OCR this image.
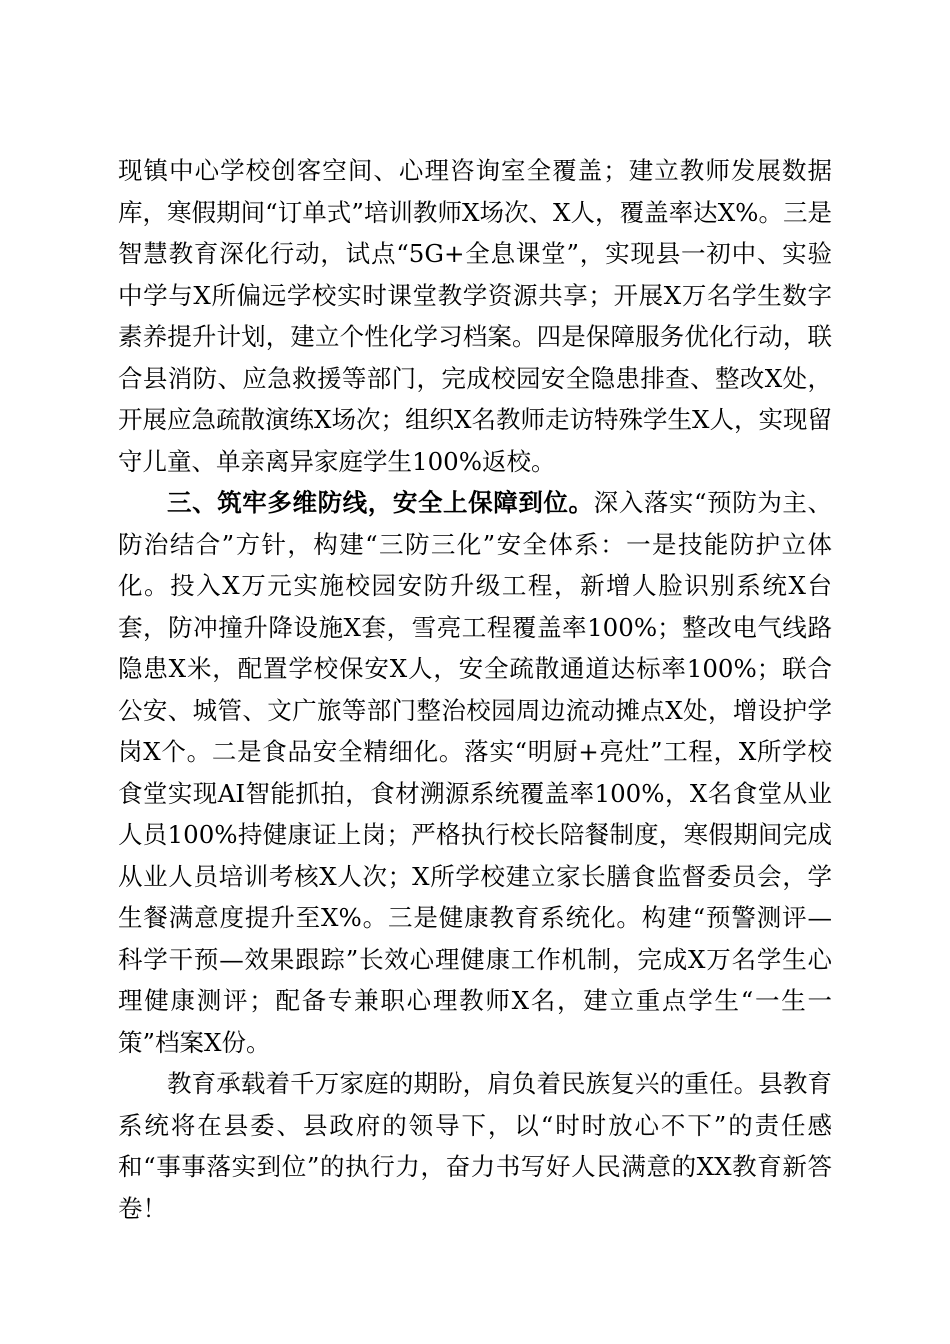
现镇中心学校创客空间、心理咨询室全覆盖；建立教师发展数据库，寒假期间“订单式”培训教师X场次、X人，覆盖率达X%。三是智慧教育深化行动，试点“5G+全息课堂”，实现县一初中、实验中学与X所偏远学校实时课堂教学资源共享；开展X万名学生数字素养提升计划，建立个性化学习档案。四是保障服务优化行动，联合县消防、应急救援等部门，完成校园安全隐患排查、整改X处，开展应急疏散演练X场次；组织X名教师走访特殊学生X人，实现留守儿童、单亲离异家庭学生100%返校。

三、筑牢多维防线，安全上保障到位。深入落实“预防为主、防治结合”方针，构建“三防三化”安全体系：一是技能防护立体化。投入X万元实施校园安防升级工程，新增人脸识别系统X台套，防冲撞升降设施X套，雪亮工程覆盖率100%；整改电气线路隐患X米，配置学校保安X人，安全疏散通道达标率100%；联合公安、城管、文广旅等部门整治校园周边流动摊点X处，增设护学岗X个。二是食品安全精细化。落实“明厨+亮灶”工程，X所学校食堂实现AI智能抓拍，食材溯源系统覆盖率100%，X名食堂从业人员100%持健康证上岗；严格执行校长陪餐制度，寒假期间完成从业人员培训考核X人次；X所学校建立家长膳食监督委员会，学生餐满意度提升至X%。三是健康教育系统化。构建“预警测评—科学干预—效果跟踪”长效心理健康工作机制，完成X万名学生心理健康测评；配备专兼职心理教师X名，建立重点学生“一生一策”档案X份。

教育承载着千万家庭的期盼，肩负着民族复兴的重任。县教育系统将在县委、县政府的领导下，以“时时放心不下”的责任感和“事事落实到位”的执行力，奋力书写好人民满意的XX教育新答卷！
